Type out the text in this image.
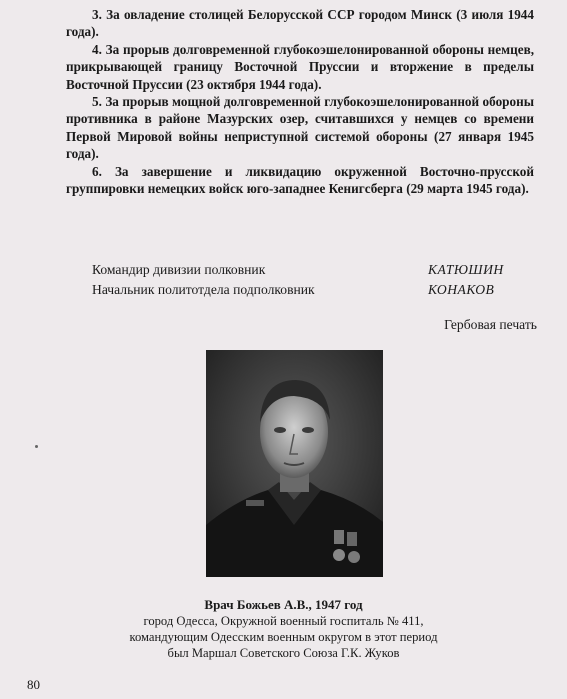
3. За овладение столицей Белорусской ССР городом Минск (3 июля 1944 года).

4. За прорыв долговременной глубокоэшелонированной обороны немцев, прикрывающей границу Восточной Пруссии и вторжение в пределы Восточной Пруссии (23 октября 1944 года).

5. За прорыв мощной долговременной глубокоэшелонированной обороны противника в районе Мазурских озер, считавшихся у немцев со времени Первой Мировой войны неприступной системой обороны (27 января 1945 года).

6. За завершение и ликвидацию окруженной Восточно-прусской группировки немецких войск юго-западнее Кенигсберга (29 марта 1945 года).

Командир дивизии полковник	КАТЮШИН
Начальник политотдела подполковник	КОНАКОВ
Гербовая печать
Врач Божьев А.В., 1947 год
город Одесса, Окружной военный госпиталь № 411,
командующим Одесским военным округом в этот период
был Маршал Советского Союза Г.К. Жуков
80
